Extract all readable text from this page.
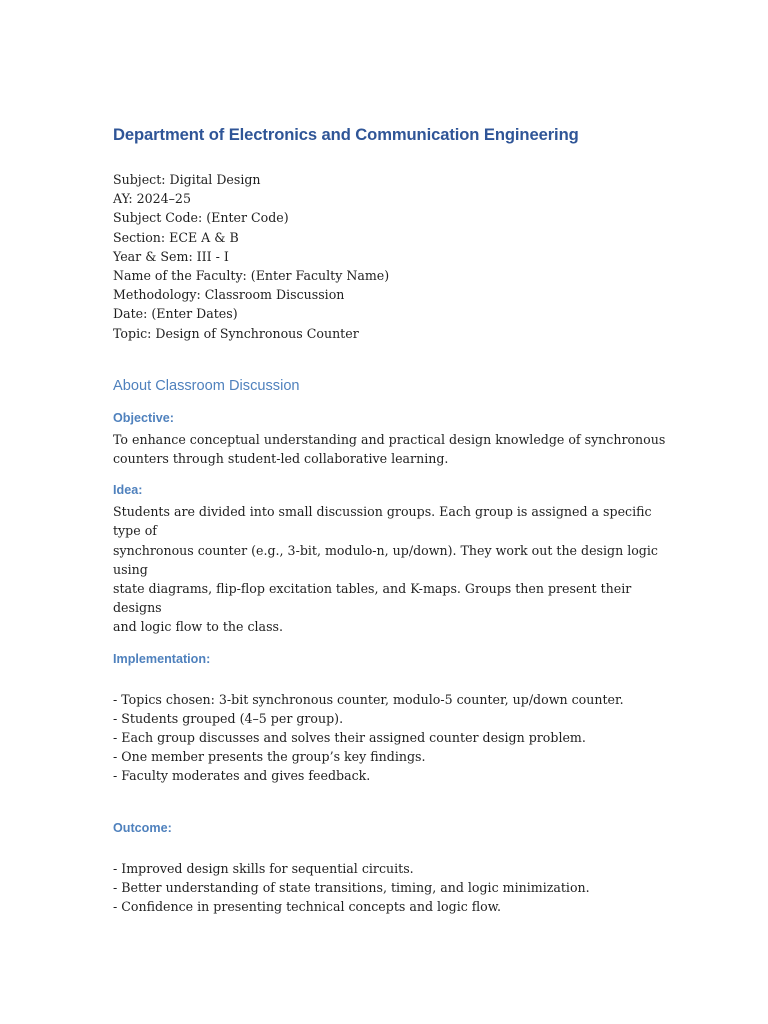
Department of Electronics and Communication Engineering

Subject: Digital Design

AY: 2024–25

Subject Code: (Enter Code)

Section: ECE A & B

Year & Sem: III - I

Name of the Faculty: (Enter Faculty Name)

Methodology: Classroom Discussion

Date: (Enter Dates)

Topic: Design of Synchronous Counter

About Classroom Discussion
Objective:

To enhance conceptual understanding and practical design knowledge of synchronous

counters through student-led collaborative learning.

Idea:

Students are divided into small discussion groups. Each group is assigned a specific type of

synchronous counter (e.g., 3-bit, modulo-n, up/down). They work out the design logic using

state diagrams, flip-flop excitation tables, and K-maps. Groups then present their designs

and logic flow to the class.

Implementation:

- Topics chosen: 3-bit synchronous counter, modulo-5 counter, up/down counter.

- Students grouped (4–5 per group).

- Each group discusses and solves their assigned counter design problem.

- One member presents the group’s key findings.

- Faculty moderates and gives feedback.

Outcome:

- Improved design skills for sequential circuits.

- Better understanding of state transitions, timing, and logic minimization.

- Confidence in presenting technical concepts and logic flow.
